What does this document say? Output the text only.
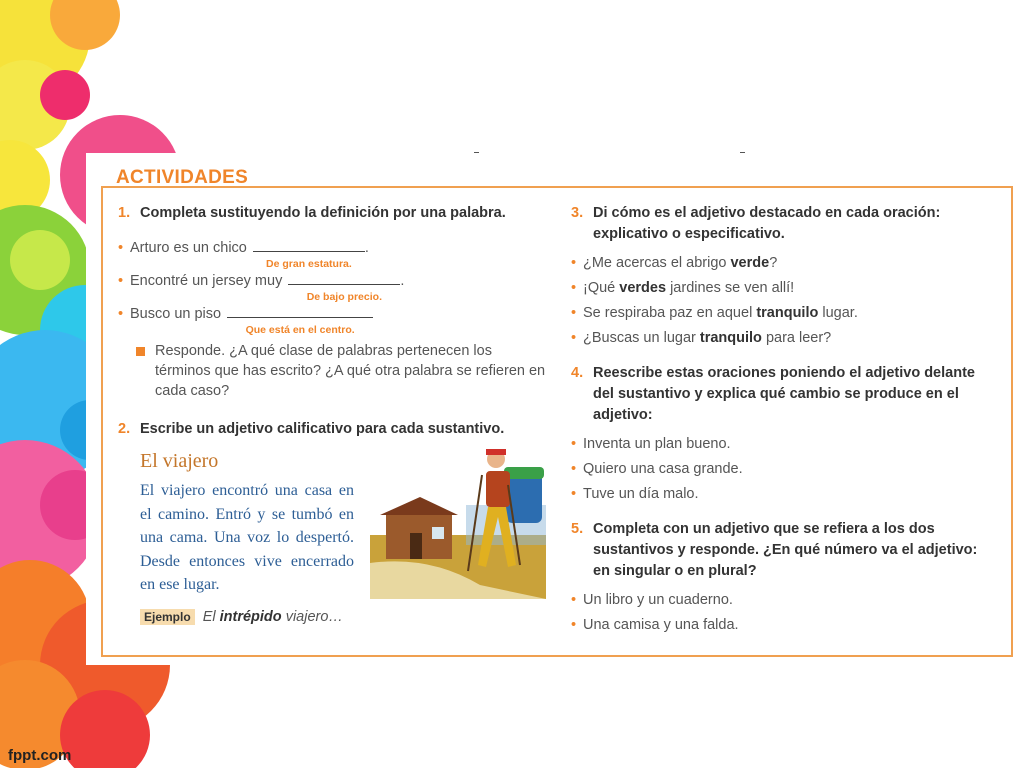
fppt.com
ACTIVIDADES
1. Completa sustituyendo la definición por una palabra.
• Arturo es un chico
De gran estatura.
.
• Encontré un jersey muy
De bajo precio.
.
• Busco un piso
Que está en el centro.
Responde. ¿A qué clase de palabras pertenecen los términos que has escrito? ¿A qué otra palabra se refieren en cada caso?
2. Escribe un adjetivo calificativo para cada sustantivo.
El viajero
El viajero encontró una casa en el camino. Entró y se tumbó en una cama. Una voz lo despertó. Desde entonces vive encerrado en ese lugar.
Ejemplo El intrépido viajero…
3. Di cómo es el adjetivo destacado en cada oración: explicativo o especificativo.
• ¿Me acercas el abrigo verde?
• ¡Qué verdes jardines se ven allí!
• Se respiraba paz en aquel tranquilo lugar.
• ¿Buscas un lugar tranquilo para leer?
4. Reescribe estas oraciones poniendo el adjetivo delante del sustantivo y explica qué cambio se produce en el adjetivo:
• Inventa un plan bueno.
• Quiero una casa grande.
• Tuve un día malo.
5. Completa con un adjetivo que se refiera a los dos sustantivos y responde. ¿En qué número va el adjetivo: en singular o en plural?
• Un libro y un cuaderno.
• Una camisa y una falda.
